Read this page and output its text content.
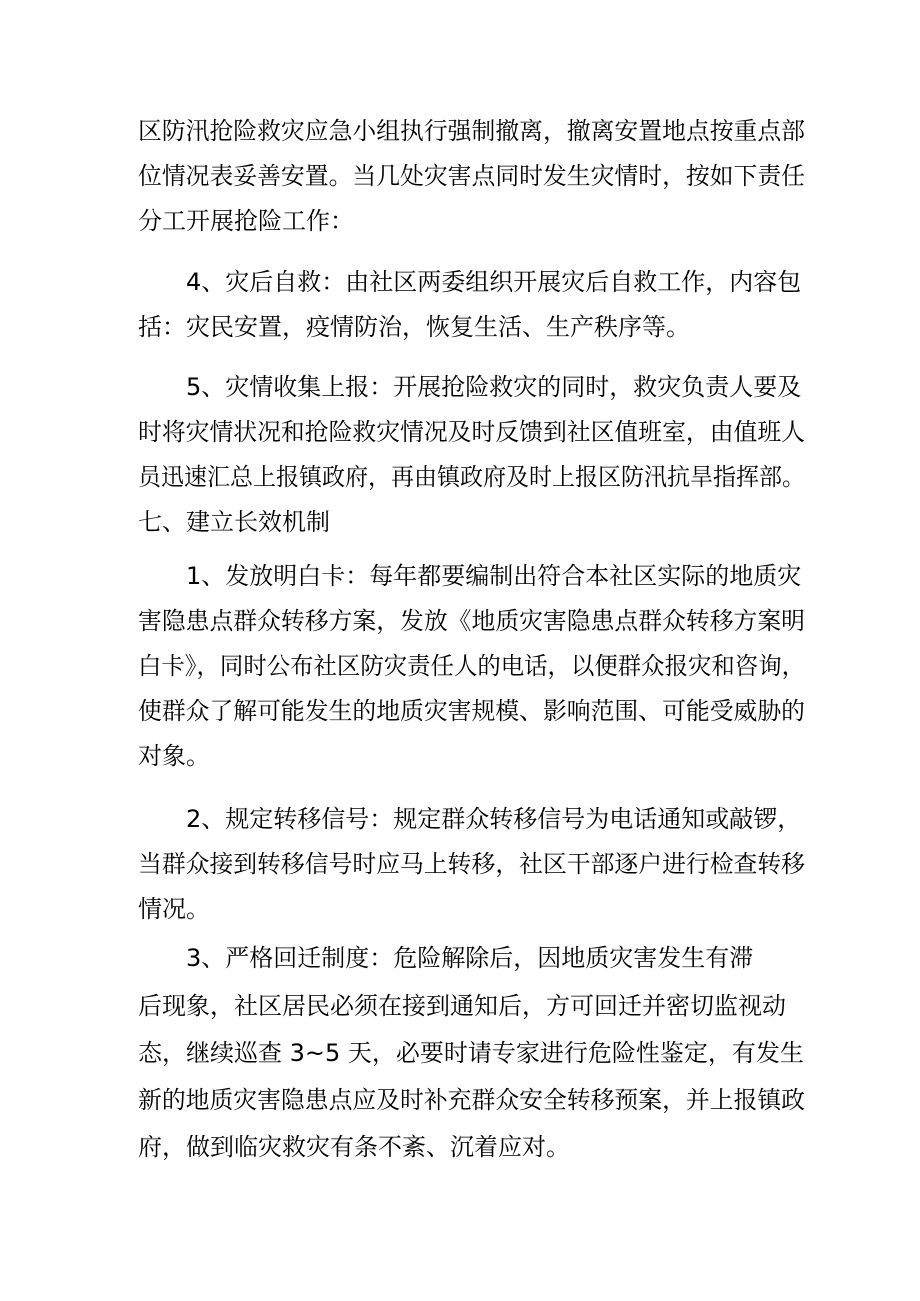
区防汛抢险救灾应急小组执行强制撤离，撤离安置地点按重点部
位情况表妥善安置。当几处灾害点同时发生灾情时，按如下责任
分工开展抢险工作：
4、灾后自救：由社区两委组织开展灾后自救工作，内容包
括：灾民安置，疫情防治，恢复生活、生产秩序等。
5、灾情收集上报：开展抢险救灾的同时，救灾负责人要及
时将灾情状况和抢险救灾情况及时反馈到社区值班室，由值班人
员迅速汇总上报镇政府，再由镇政府及时上报区防汛抗旱指挥部。
七、建立长效机制
1、发放明白卡：每年都要编制出符合本社区实际的地质灾
害隐患点群众转移方案，发放《地质灾害隐患点群众转移方案明
白卡》，同时公布社区防灾责任人的电话，以便群众报灾和咨询，
使群众了解可能发生的地质灾害规模、影响范围、可能受威胁的
对象。
2、规定转移信号：规定群众转移信号为电话通知或敲锣，
当群众接到转移信号时应马上转移，社区干部逐户进行检查转移
情况。
3、严格回迁制度：危险解除后，因地质灾害发生有滞
后现象，社区居民必须在接到通知后，方可回迁并密切监视动
态，继续巡查 3~5 天，必要时请专家进行危险性鉴定，有发生
新的地质灾害隐患点应及时补充群众安全转移预案，并上报镇政
府，做到临灾救灾有条不紊、沉着应对。
